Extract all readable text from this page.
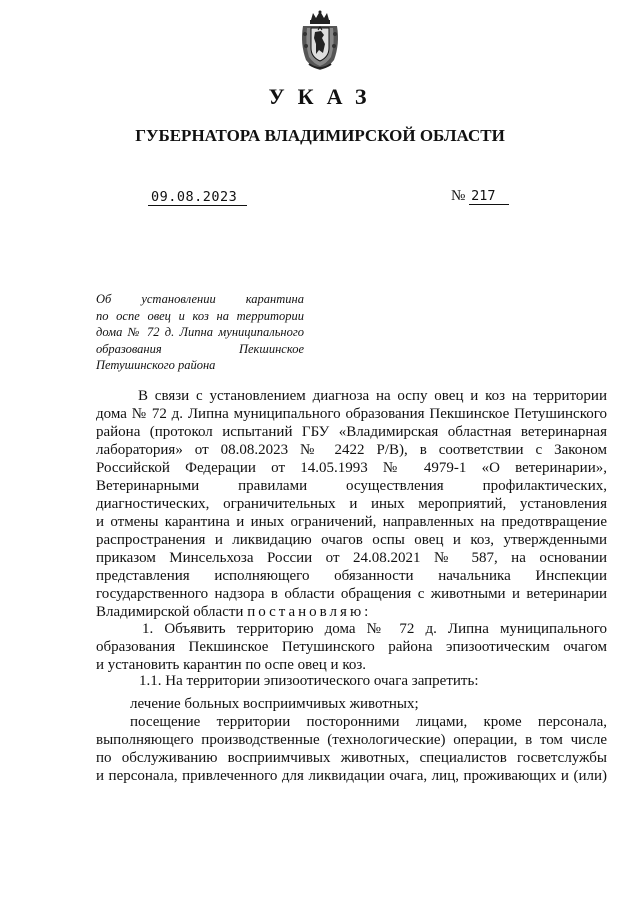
УКАЗ
ГУБЕРНАТОРА ВЛАДИМИРСКОЙ ОБЛАСТИ
09.08.2023	№ 217
Об установлении карантина
по оспе овец и коз на территории
дома № 72 д. Липна муниципального
образования Пекшинское
Петушинского района
В связи с установлением диагноза на оспу овец и коз на территории
дома № 72 д. Липна муниципального образования Пекшинское Петушинского
района (протокол испытаний ГБУ «Владимирская областная ветеринарная
лаборатория» от 08.08.2023 № 2422 Р/В), в соответствии с Законом
Российской Федерации от 14.05.1993 № 4979-1 «О ветеринарии»,
Ветеринарными правилами осуществления профилактических,
диагностических, ограничительных и иных мероприятий, установления
и отмены карантина и иных ограничений, направленных на предотвращение
распространения и ликвидацию очагов оспы овец и коз, утвержденными
приказом Минсельхоза России от 24.08.2021 № 587, на основании
представления исполняющего обязанности начальника Инспекции
государственного надзора в области обращения с животными и ветеринарии
Владимирской области постановляю:
1. Объявить территорию дома № 72 д. Липна муниципального
образования Пекшинское Петушинского района эпизоотическим очагом
и установить карантин по оспе овец и коз.
1.1. На территории эпизоотического очага запретить:
лечение больных восприимчивых животных;
посещение территории посторонними лицами, кроме персонала,
выполняющего производственные (технологические) операции, в том числе
по обслуживанию восприимчивых животных, специалистов госветслужбы
и персонала, привлеченного для ликвидации очага, лиц, проживающих и (или)
